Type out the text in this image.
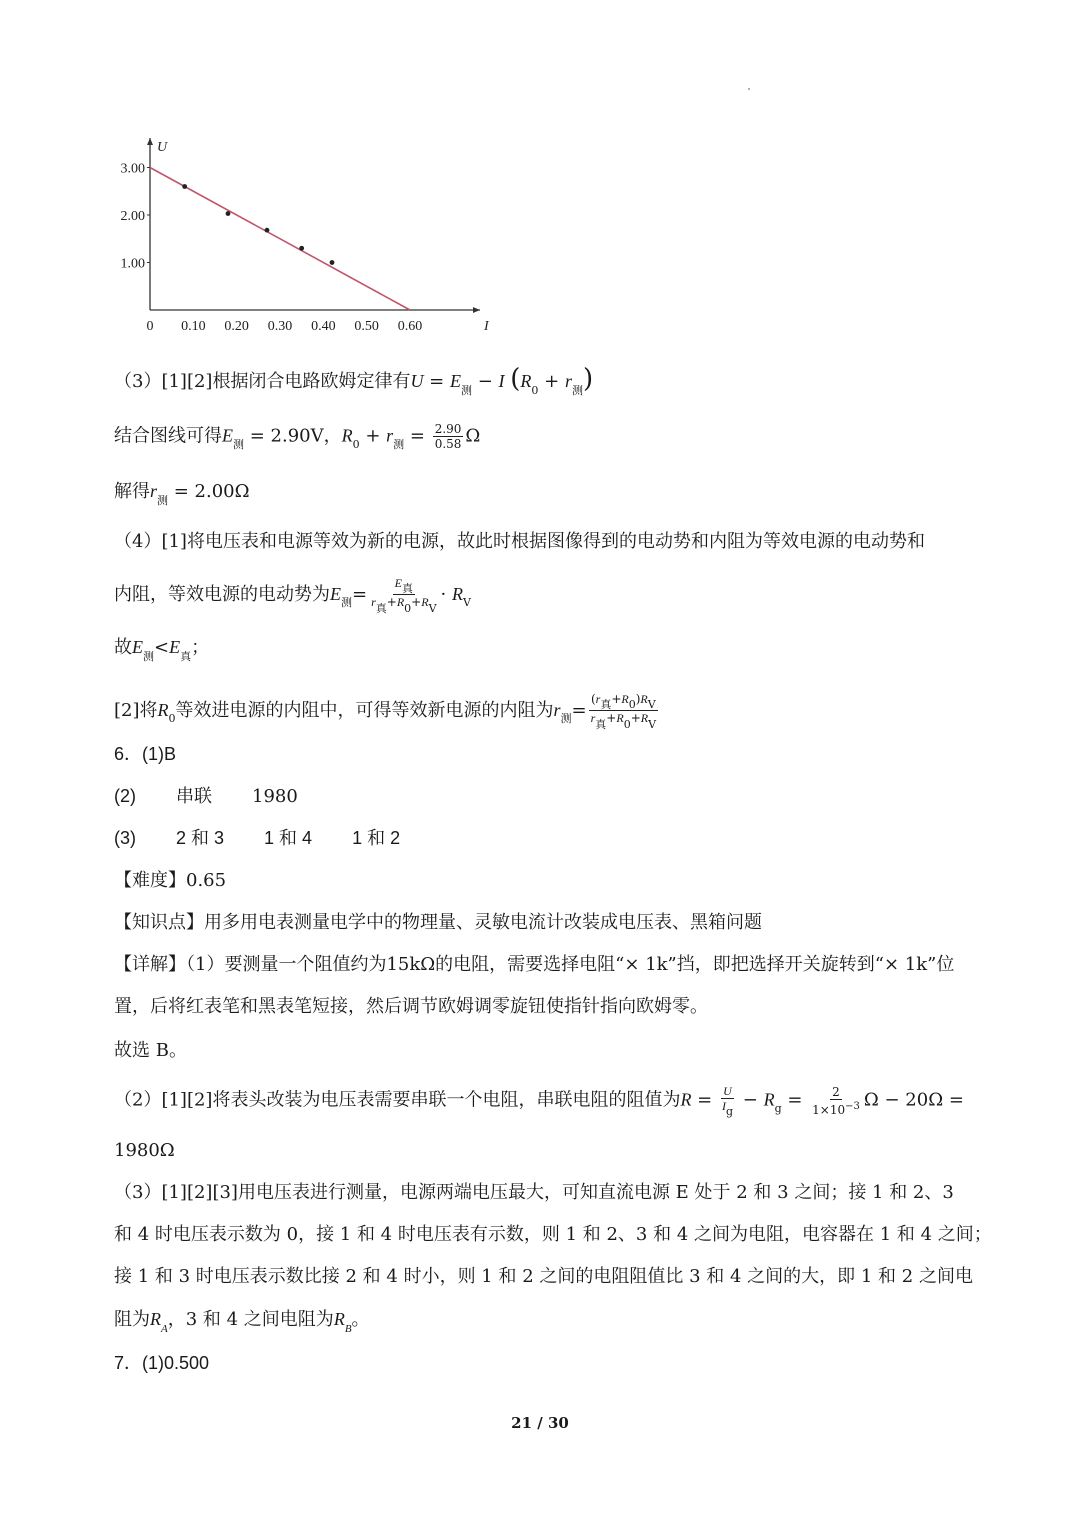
I
U
0 0.10 0.20 0.30 0.40 0.50 0.60
1.00
2.00
3.00
（3）[1][2]根据闭合电路欧姆定律有$U = E_测 - I$ $(R_0 + r_测)$
结合图线可得$E_测 = 2.90V$，$R_0 + r_测 = \frac{2.90}{0.58}$ Ω
解得$r_测 = 2.00\Omega$
（4）[1]将电压表和电源等效为新的电源，故此时根据图像得到的电动势和内阻为等效电源的电动势和
内阻，等效电源的电动势为$E_测= \frac{E_真}{r_真+R_0+R_V} \cdot R_V$
故$E_测<E_真$；
[2]将$R_0$等效进电源的内阻中，可得等效新电源的内阻为$r_测= \frac{(r_真+R_0)R_V}{r_真+R_0+R_V}$
6．(1)B
(2) 串联 1980
(3) 2 和 3 1 和 4 1 和 2
【难度】0.65
【知识点】用多用电表测量电学中的物理量、灵敏电流计改装成电压表、黑箱问题
【详解】（1）要测量一个阻值约为15kΩ的电阻，需要选择电阻“× 1k”挡，即把选择开关旋转到“× 1k”位
置，后将红表笔和黑表笔短接，然后调节欧姆调零旋钮使指针指向欧姆零。
故选 B。
（2）[1][2]将表头改装为电压表需要串联一个电阻，串联电阻的阻值为$R = \frac{U}{I_g} - R_g = \frac{2}{1\times 10^{-3}}$ Ω − 20Ω =
1980Ω
（3）[1][2][3]用电压表进行测量，电源两端电压最大，可知直流电源 E 处于 2 和 3 之间；接 1 和 2、3
和 4 时电压表示数为 0，接 1 和 4 时电压表有示数，则 1 和 2、3 和 4 之间为电阻，电容器在 1 和 4 之间；
接 1 和 3 时电压表示数比接 2 和 4 时小，则 1 和 2 之间的电阻阻值比 3 和 4 之间的大，即 1 和 2 之间电
阻为$R_A$，3 和 4 之间电阻为$R_B$。
7．(1)0.500
21 / 30
